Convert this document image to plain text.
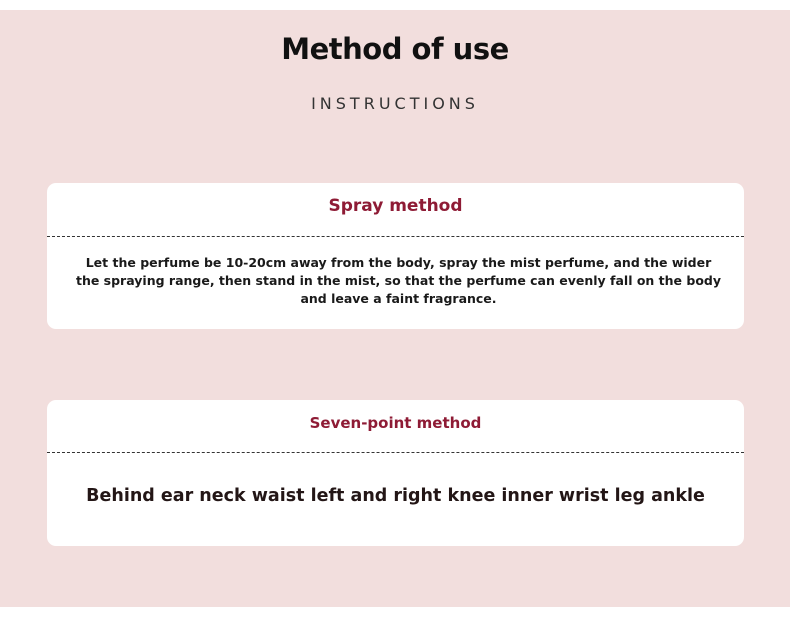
Method of use
INSTRUCTIONS
Spray method
Let the perfume be 10-20cm away from the body, spray the mist perfume, and the wider the spraying range, then stand in the mist, so that the perfume can evenly fall on the body and leave a faint fragrance.
Seven-point method
Behind ear neck waist left and right knee inner wrist leg ankle
